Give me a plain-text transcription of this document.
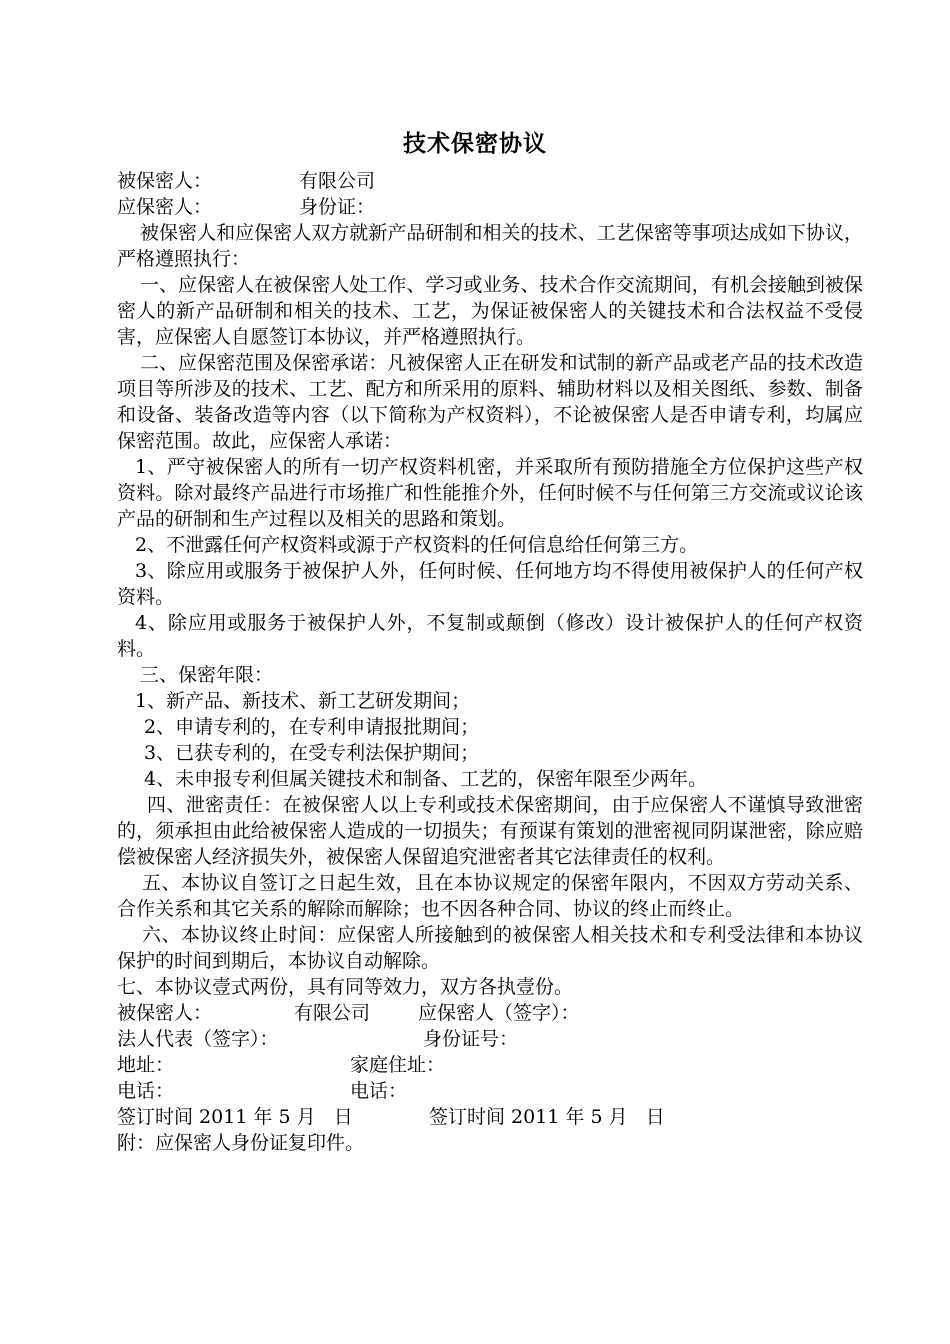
技术保密协议
被保密人：	有限公司
应保密人：	身份证：

被保密人和应保密人双方就新产品研制和相关的技术、工艺保密等事项达成如下协议，严格遵照执行：

一、应保密人在被保密人处工作、学习或业务、技术合作交流期间，有机会接触到被保密人的新产品研制和相关的技术、工艺，为保证被保密人的关键技术和合法权益不受侵害，应保密人自愿签订本协议，并严格遵照执行。

二、应保密范围及保密承诺：凡被保密人正在研发和试制的新产品或老产品的技术改造项目等所涉及的技术、工艺、配方和所采用的原料、辅助材料以及相关图纸、参数、制备和设备、装备改造等内容（以下简称为产权资料），不论被保密人是否申请专利，均属应保密范围。故此，应保密人承诺：

1、严守被保密人的所有一切产权资料机密，并采取所有预防措施全方位保护这些产权资料。除对最终产品进行市场推广和性能推介外，任何时候不与任何第三方交流或议论该产品的研制和生产过程以及相关的思路和策划。

2、不泄露任何产权资料或源于产权资料的任何信息给任何第三方。

3、除应用或服务于被保护人外，任何时候、任何地方均不得使用被保护人的任何产权资料。

4、除应用或服务于被保护人外，不复制或颠倒（修改）设计被保护人的任何产权资料。

三、保密年限：

1、新产品、新技术、新工艺研发期间；

2、申请专利的，在专利申请报批期间；

3、已获专利的，在受专利法保护期间；

4、未申报专利但属关键技术和制备、工艺的，保密年限至少两年。

四、泄密责任：在被保密人以上专利或技术保密期间，由于应保密人不谨慎导致泄密的，须承担由此给被保密人造成的一切损失；有预谋有策划的泄密视同阴谋泄密，除应赔偿被保密人经济损失外，被保密人保留追究泄密者其它法律责任的权利。

五、本协议自签订之日起生效，且在本协议规定的保密年限内，不因双方劳动关系、合作关系和其它关系的解除而解除；也不因各种合同、协议的终止而终止。

六、本协议终止时间：应保密人所接触到的被保密人相关技术和专利受法律和本协议保护的时间到期后，本协议自动解除。

七、本协议壹式两份，具有同等效力，双方各执壹份。

被保密人：	有限公司	应保密人（签字）：
法人代表（签字）：	身份证号：
地址：	家庭住址：
电话：	电话：
签订时间 2011 年 5 月   日	签订时间 2011 年 5 月   日
附：应保密人身份证复印件。
